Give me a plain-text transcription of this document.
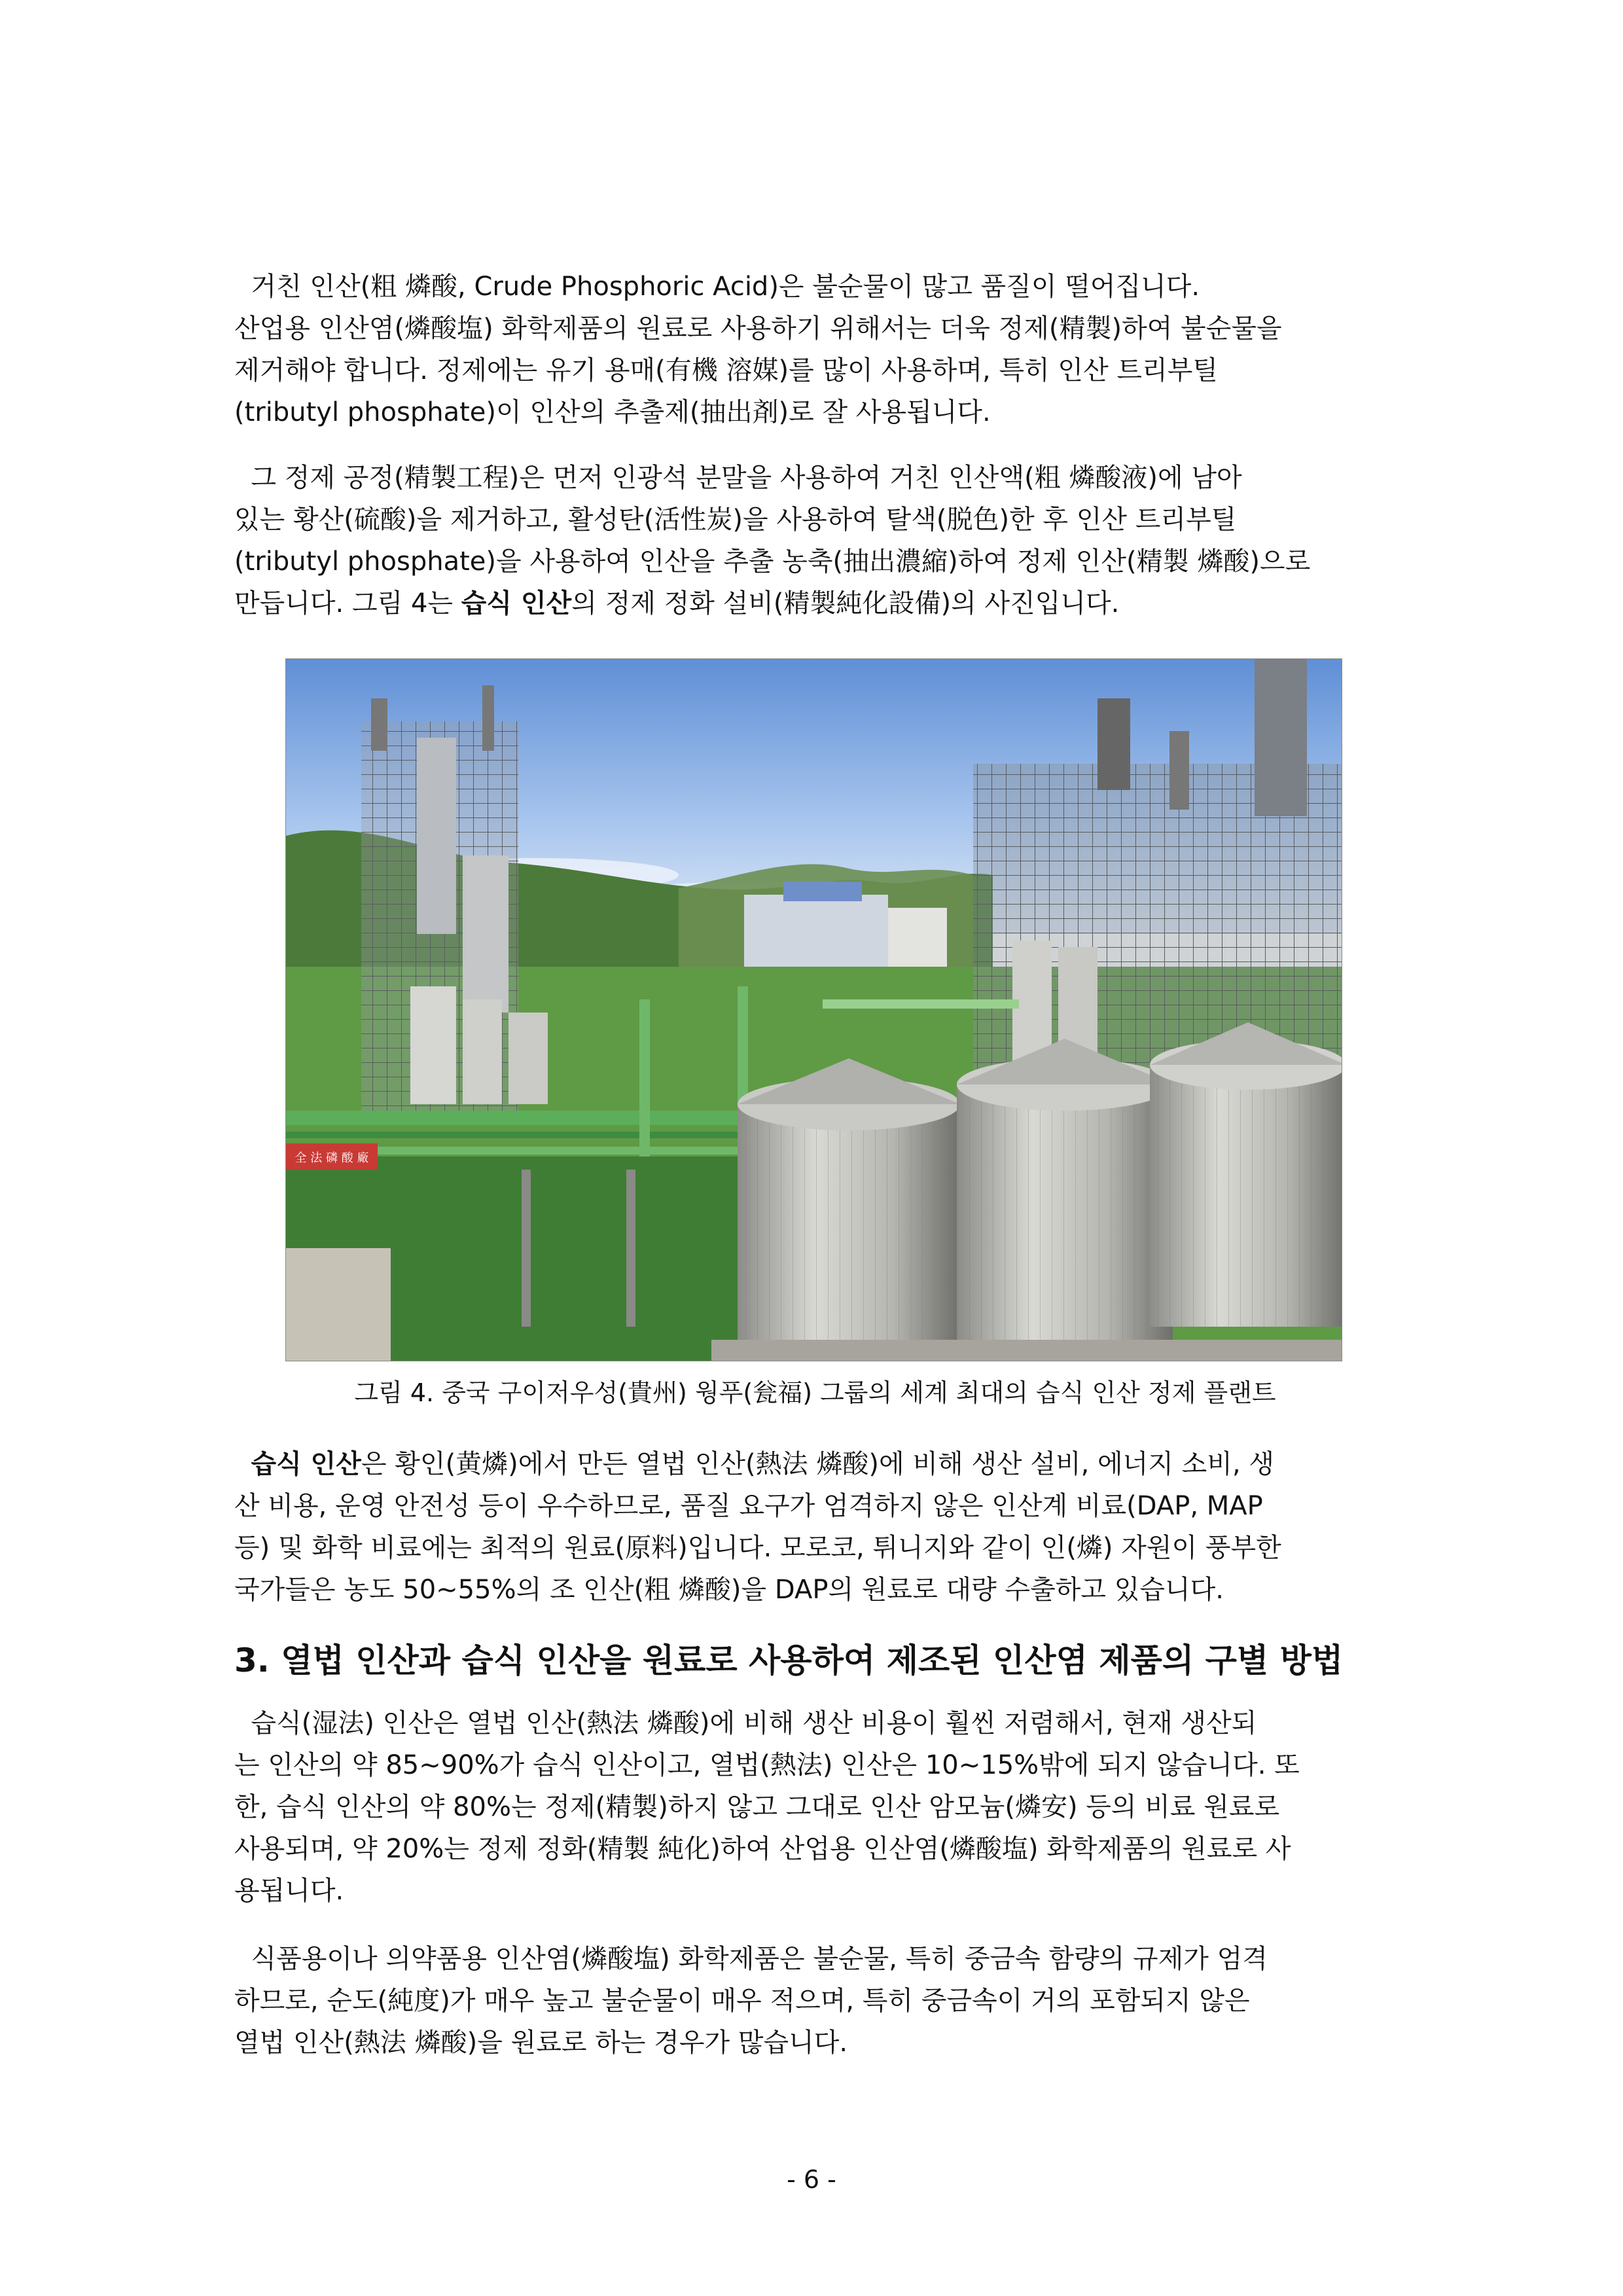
거친 인산(粗 燐酸, Crude Phosphoric Acid)은 불순물이 많고 품질이 떨어집니다.
산업용 인산염(燐酸塩) 화학제품의 원료로 사용하기 위해서는 더욱 정제(精製)하여 불순물을
제거해야 합니다. 정제에는 유기 용매(有機 溶媒)를 많이 사용하며, 특히 인산 트리부틸
(tributyl phosphate)이 인산의 추출제(抽出剤)로 잘 사용됩니다.
그 정제 공정(精製工程)은 먼저 인광석 분말을 사용하여 거친 인산액(粗 燐酸液)에 남아
있는 황산(硫酸)을 제거하고, 활성탄(活性炭)을 사용하여 탈색(脱色)한 후 인산 트리부틸
(tributyl phosphate)을 사용하여 인산을 추출 농축(抽出濃縮)하여 정제 인산(精製 燐酸)으로
만듭니다. 그림 4는 습식 인산의 정제 정화 설비(精製純化設備)의 사진입니다.
全 法 磷 酸 廠
그림 4. 중국 구이저우성(貴州) 웡푸(瓮福) 그룹의 세계 최대의 습식 인산 정제 플랜트
습식 인산은 황인(黄燐)에서 만든 열법 인산(熱法 燐酸)에 비해 생산 설비, 에너지 소비, 생
산 비용, 운영 안전성 등이 우수하므로, 품질 요구가 엄격하지 않은 인산계 비료(DAP, MAP
등) 및 화학 비료에는 최적의 원료(原料)입니다. 모로코, 튀니지와 같이 인(燐) 자원이 풍부한
국가들은 농도 50~55%의 조 인산(粗 燐酸)을 DAP의 원료로 대량 수출하고 있습니다.
3. 열법 인산과 습식 인산을 원료로 사용하여 제조된 인산염 제품의 구별 방법
습식(湿法) 인산은 열법 인산(熱法 燐酸)에 비해 생산 비용이 훨씬 저렴해서, 현재 생산되
는 인산의 약 85~90%가 습식 인산이고, 열법(熱法) 인산은 10~15%밖에 되지 않습니다. 또
한, 습식 인산의 약 80%는 정제(精製)하지 않고 그대로 인산 암모늄(燐安) 등의 비료 원료로
사용되며, 약 20%는 정제 정화(精製 純化)하여 산업용 인산염(燐酸塩) 화학제품의 원료로 사
용됩니다.
식품용이나 의약품용 인산염(燐酸塩) 화학제품은 불순물, 특히 중금속 함량의 규제가 엄격
하므로, 순도(純度)가 매우 높고 불순물이 매우 적으며, 특히 중금속이 거의 포함되지 않은
열법 인산(熱法 燐酸)을 원료로 하는 경우가 많습니다.
- 6 -
